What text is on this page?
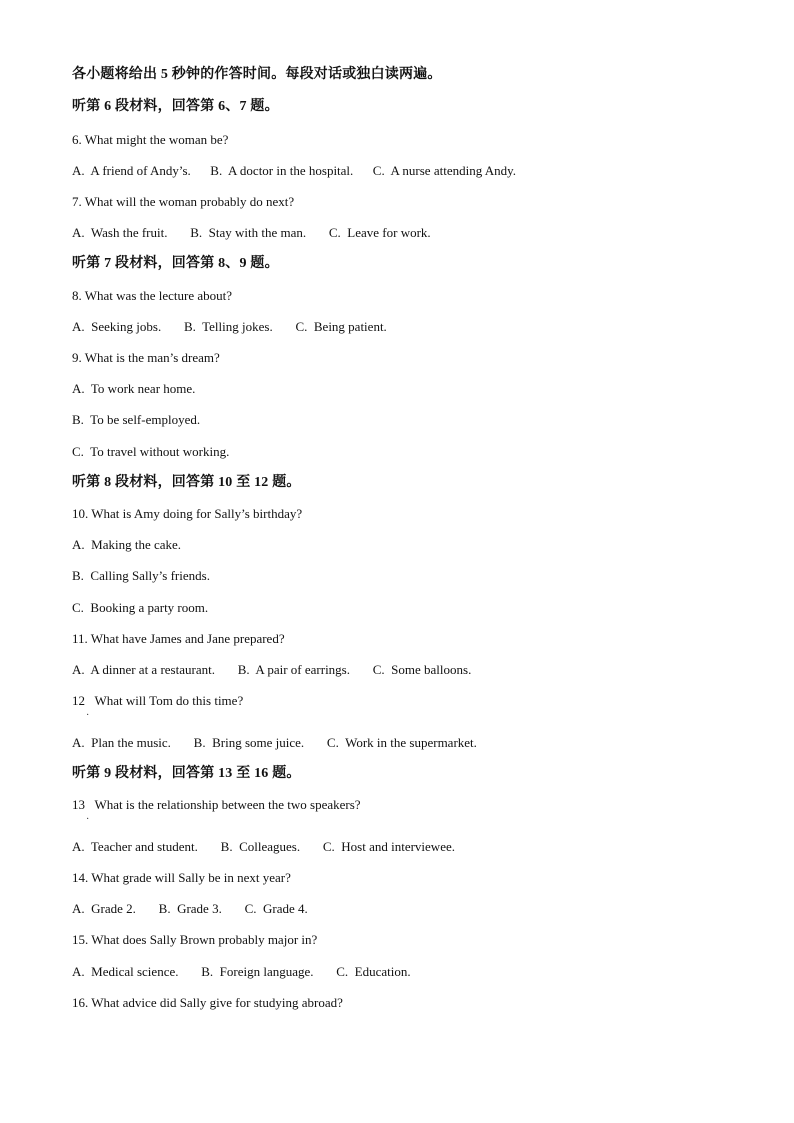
各小题将给出 5 秒钟的作答时间。每段对话或独白读两遍。
听第 6 段材料，回答第 6、7 题。
6. What might the woman be?
A.  A friend of Andy’s.      B.  A doctor in the hospital.      C.  A nurse attending Andy.
7. What will the woman probably do next?
A.  Wash the fruit.       B.  Stay with the man.       C.  Leave for work.
听第 7 段材料，回答第 8、9 题。
8. What was the lecture about?
A.  Seeking jobs.       B.  Telling jokes.       C.  Being patient.
9. What is the man’s dream?
A.  To work near home.
B.  To be self-employed.
C.  To travel without working.
听第 8 段材料，回答第 10 至 12 题。
10. What is Amy doing for Sally’s birthday?
A.  Making the cake.
B.  Calling Sally’s friends.
C.  Booking a party room.
11. What have James and Jane prepared?
A.  A dinner at a restaurant.       B.  A pair of earrings.       C.  Some balloons.
12   What will Tom do this time?
·
A.  Plan the music.       B.  Bring some juice.       C.  Work in the supermarket.
听第 9 段材料，回答第 13 至 16 题。
13   What is the relationship between the two speakers?
·
A.  Teacher and student.       B.  Colleagues.       C.  Host and interviewee.
14. What grade will Sally be in next year?
A.  Grade 2.       B.  Grade 3.       C.  Grade 4.
15. What does Sally Brown probably major in?
A.  Medical science.       B.  Foreign language.       C.  Education.
16. What advice did Sally give for studying abroad?
